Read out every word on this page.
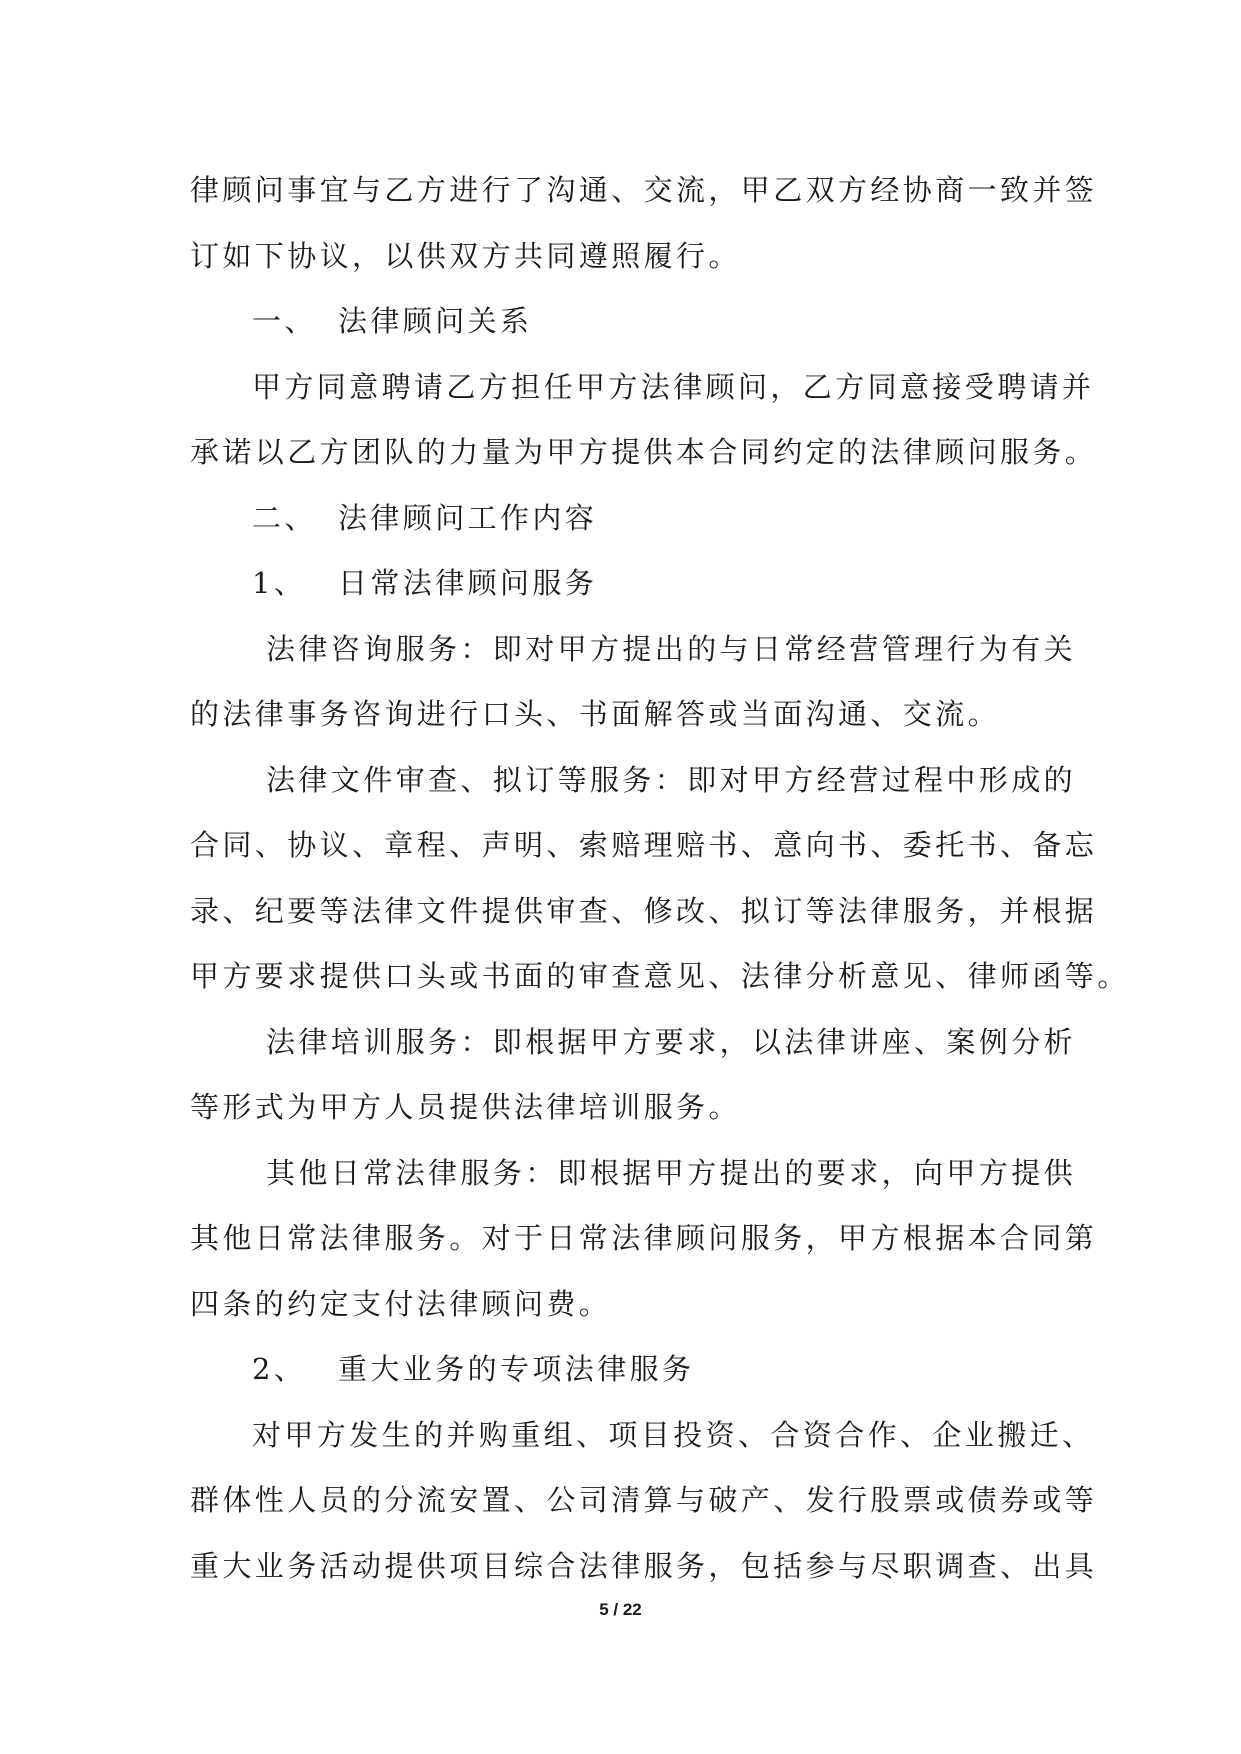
律顾问事宜与乙方进行了沟通、交流，甲乙双方经协商一致并签
订如下协议，以供双方共同遵照履行。
一、 法律顾问关系
甲方同意聘请乙方担任甲方法律顾问，乙方同意接受聘请并
承诺以乙方团队的力量为甲方提供本合同约定的法律顾问服务。
二、 法律顾问工作内容
1、 日常法律顾问服务
法律咨询服务：即对甲方提出的与日常经营管理行为有关
的法律事务咨询进行口头、书面解答或当面沟通、交流。
法律文件审查、拟订等服务：即对甲方经营过程中形成的
合同、协议、章程、声明、索赔理赔书、意向书、委托书、备忘
录、纪要等法律文件提供审查、修改、拟订等法律服务，并根据
甲方要求提供口头或书面的审查意见、法律分析意见、律师函等。
法律培训服务：即根据甲方要求，以法律讲座、案例分析
等形式为甲方人员提供法律培训服务。
其他日常法律服务：即根据甲方提出的要求，向甲方提供
其他日常法律服务。对于日常法律顾问服务，甲方根据本合同第
四条的约定支付法律顾问费。
2、 重大业务的专项法律服务
对甲方发生的并购重组、项目投资、合资合作、企业搬迁、
群体性人员的分流安置、公司清算与破产、发行股票或债券或等
重大业务活动提供项目综合法律服务，包括参与尽职调查、出具
5 / 22
